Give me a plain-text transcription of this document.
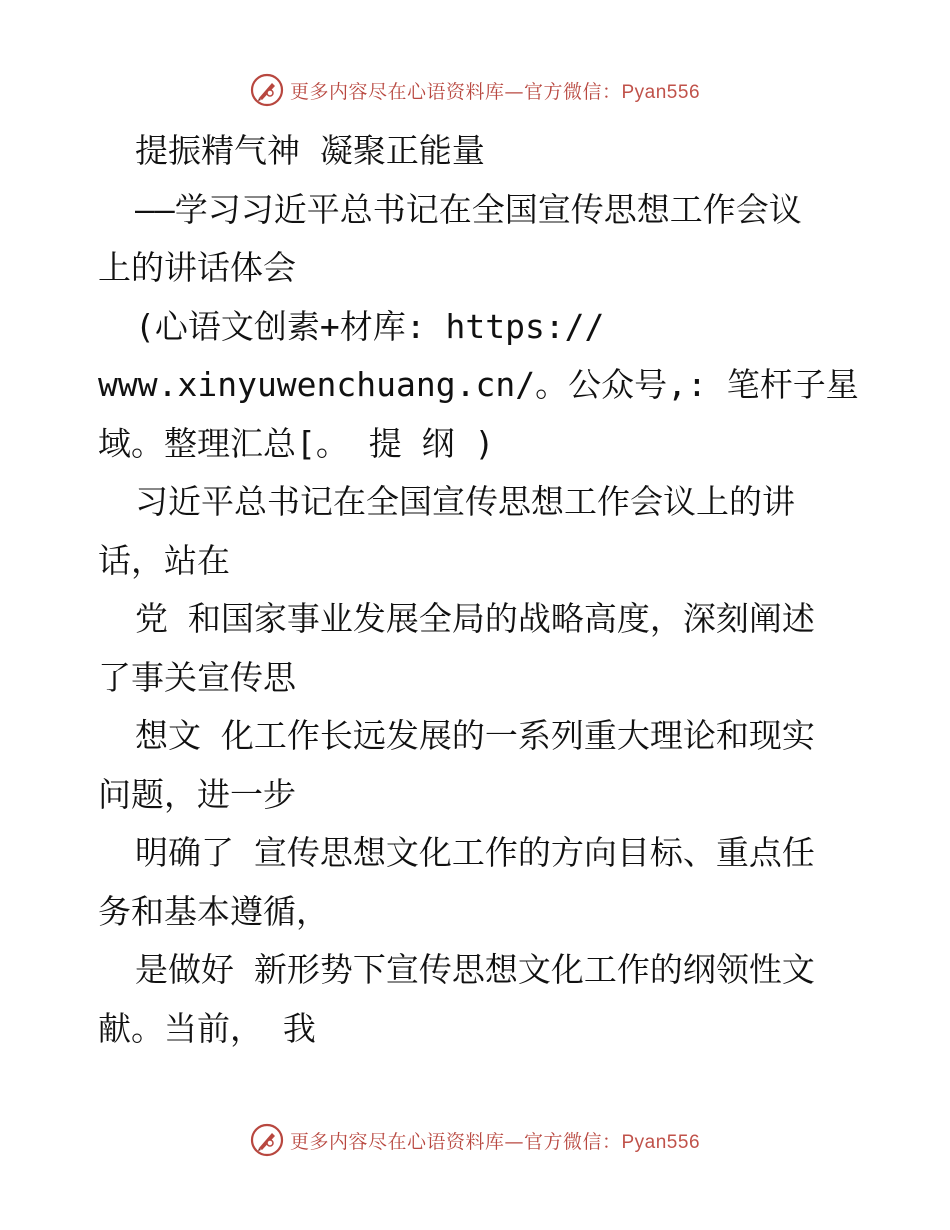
更多内容尽在心语资料库—官方微信：Pyan556
提振精气神 凝聚正能量
——学习习近平总书记在全国宣传思想工作会议
上的讲话体会
(心语文创素+材库: https://
www.xinyuwenchuang.cn/。公众号,: 笔杆子星
域。整理汇总[。 提 纲 )
习近平总书记在全国宣传思想工作会议上的讲
话，站在
党 和国家事业发展全局的战略高度，深刻阐述
了事关宣传思
想文 化工作长远发展的一系列重大理论和现实
问题，进一步
明确了 宣传思想文化工作的方向目标、重点任
务和基本遵循，
是做好 新形势下宣传思想文化工作的纲领性文
献。当前， 我
更多内容尽在心语资料库—官方微信：Pyan556
